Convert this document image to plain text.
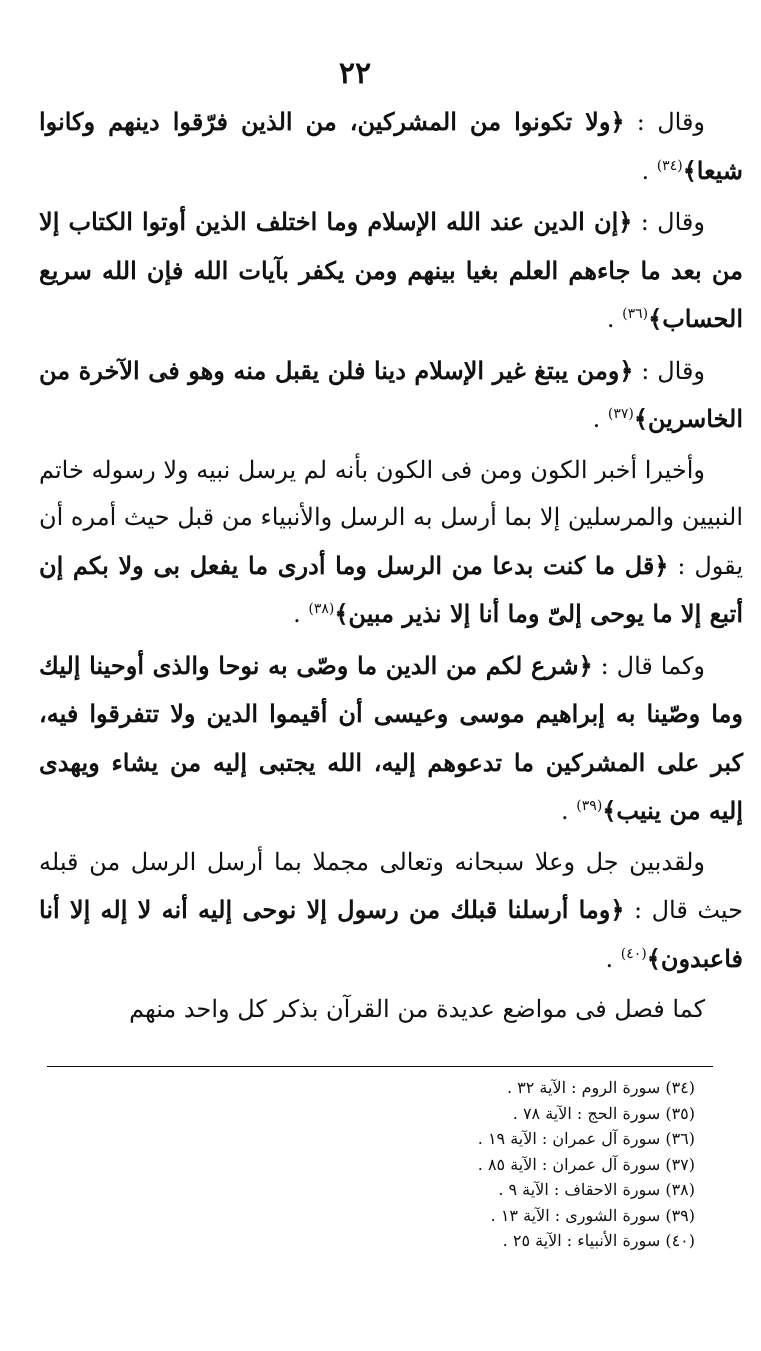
٢٢

وقال : ﴿ولا تكونوا من المشركين، من الذين فرّقوا دينهم وكانوا شيعا﴾$^{(٣٤)}$ .

وقال : ﴿إن الدين عند الله الإسلام وما اختلف الذين أوتوا الكتاب إلا من بعد ما جاءهم العلم بغيا بينهم ومن يكفر بآيات الله فإن الله سريع الحساب﴾$^{(٣٦)}$ .

وقال : ﴿ومن يبتغ غير الإسلام دينا فلن يقبل منه وهو فى الآخرة من الخاسرين﴾$^{(٣٧)}$ .

وأخيرا أخبر الكون ومن فى الكون بأنه لم يرسل نبيه ولا رسوله خاتم النبيين والمرسلين إلا بما أرسل به الرسل والأنبياء من قبل حيث أمره أن يقول : ﴿قل ما كنت بدعا من الرسل وما أدرى ما يفعل بى ولا بكم إن أتبع إلا ما يوحى إلىّ وما أنا إلا نذير مبين﴾$^{(٣٨)}$ .

وكما قال : ﴿شرع لكم من الدين ما وصّى به نوحا والذى أوحينا إليك وما وصّينا به إبراهيم موسى وعيسى أن أقيموا الدين ولا تتفرقوا فيه، كبر على المشركين ما تدعوهم إليه، الله يجتبى إليه من يشاء ويهدى إليه من ينيب﴾$^{(٣٩)}$ .

ولقدبين جل وعلا سبحانه وتعالى مجملا بما أرسل الرسل من قبله حيث قال : ﴿وما أرسلنا قبلك من رسول إلا نوحى إليه أنه لا إله إلا أنا فاعبدون﴾$^{(٤٠)}$ .

كما فصل فى مواضع عديدة من القرآن بذكر كل واحد منهم

(٣٤) سورة الروم : الآية ٣٢ .
(٣٥) سورة الحج : الآية ٧٨ .
(٣٦) سورة آل عمران : الآية ١٩ .
(٣٧) سورة آل عمران : الآية ٨٥ .
(٣٨) سورة الاحقاف : الآية ٩ .
(٣٩) سورة الشورى : الآية ١٣ .
(٤٠) سورة الأنبياء : الآية ٢٥ .
